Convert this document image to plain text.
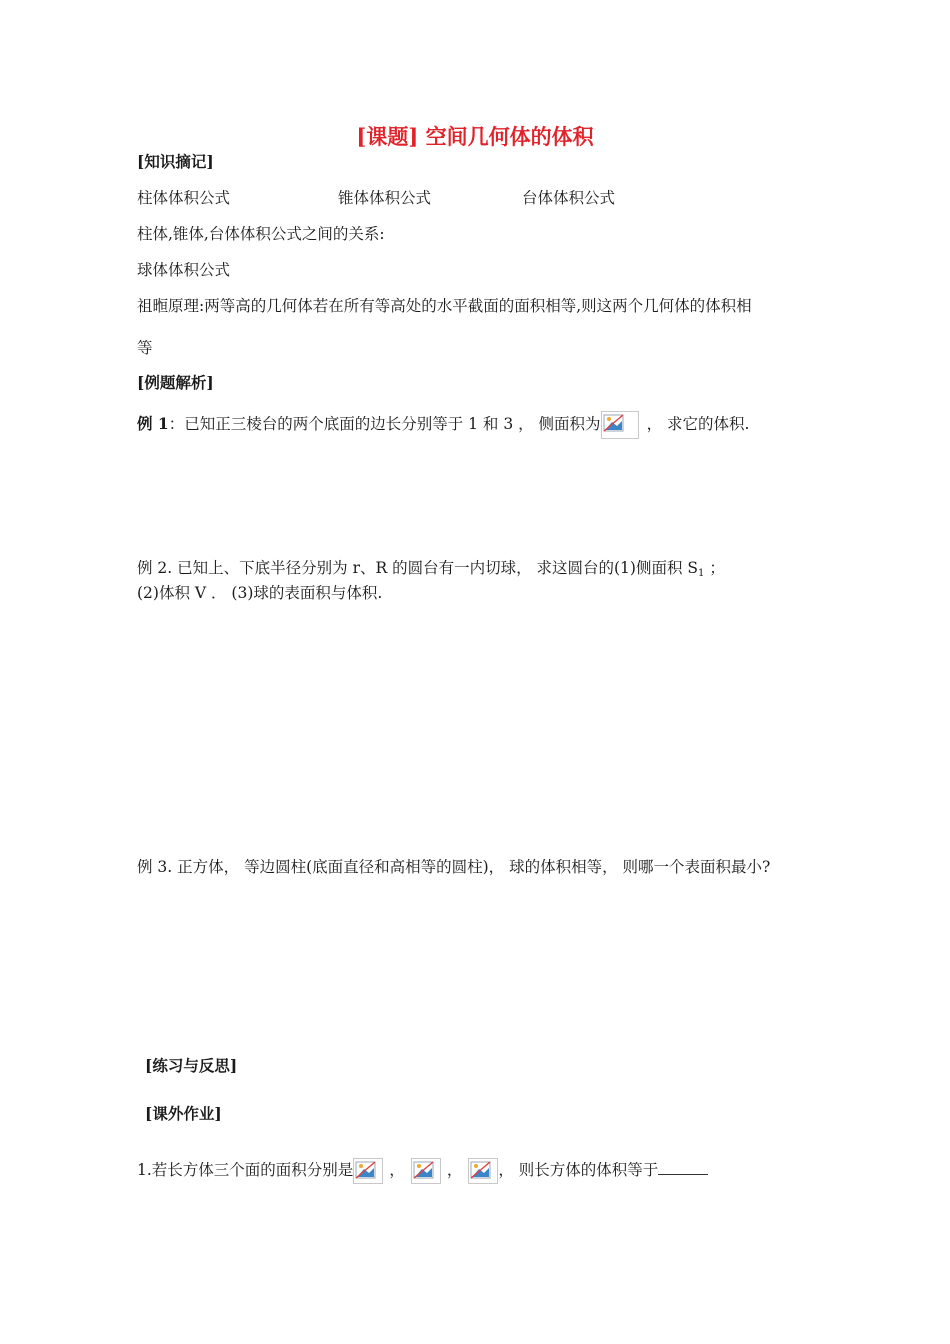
[课题] 空间几何体的体积
[知识摘记]
柱体体积公式	锥体体积公式	台体体积公式
柱体,锥体,台体体积公式之间的关系:
球体体积公式
祖暅原理:两等高的几何体若在所有等高处的水平截面的面积相等,则这两个几何体的体积相
等
[例题解析]
例 1：已知正三棱台的两个底面的边长分别等于 1 和 3 ， 侧面积为	， 求它的体积.
例 2. 已知上、下底半径分别为 r、R 的圆台有一内切球， 求这圆台的(1)侧面积 $S_1$ ；
(2)体积 V ． (3)球的表面积与体积.
例 3. 正方体， 等边圆柱(底面直径和高相等的圆柱)， 球的体积相等， 则哪一个表面积最小?
[练习与反思]
[课外作业]
1.若长方体三个面的面积分别是 ，	， ， 则长方体的体积等于
